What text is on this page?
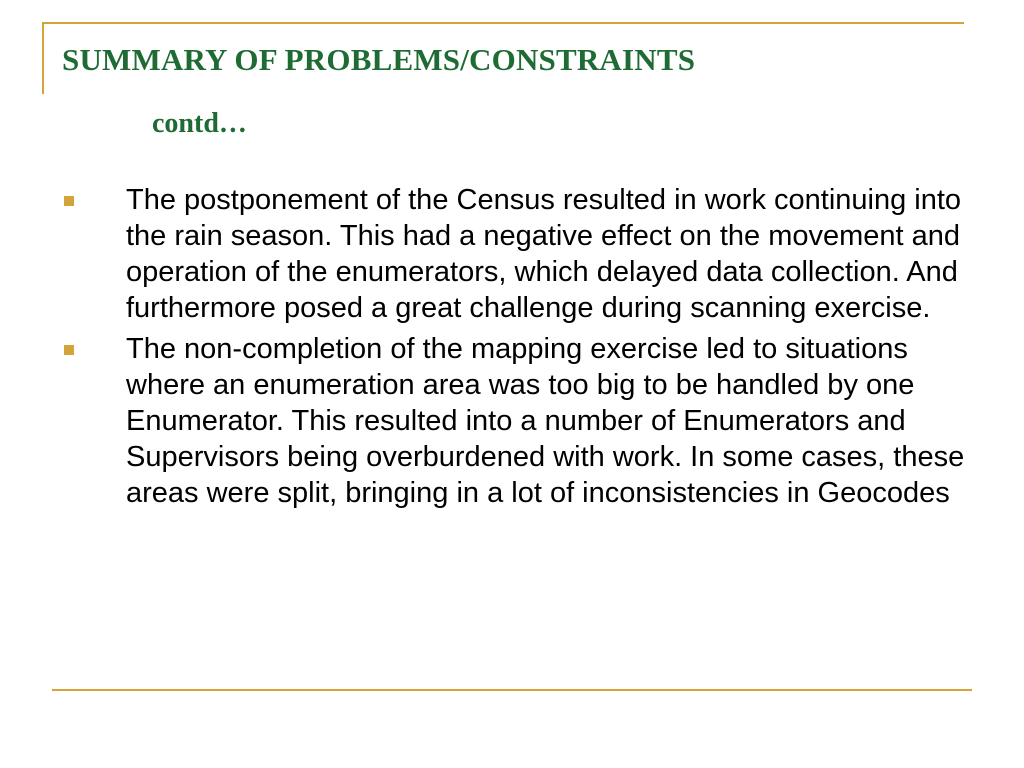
SUMMARY OF PROBLEMS/CONSTRAINTS
contd…
The postponement of the Census resulted in work continuing into the rain season. This had a negative effect on the movement and operation of the enumerators, which delayed data collection. And furthermore posed a great challenge during scanning exercise.
The non-completion of the mapping exercise led to situations where an enumeration area was too big to be handled by one Enumerator. This resulted into a number of Enumerators and Supervisors being overburdened with work. In some cases, these areas were split, bringing in a lot of inconsistencies in Geocodes
